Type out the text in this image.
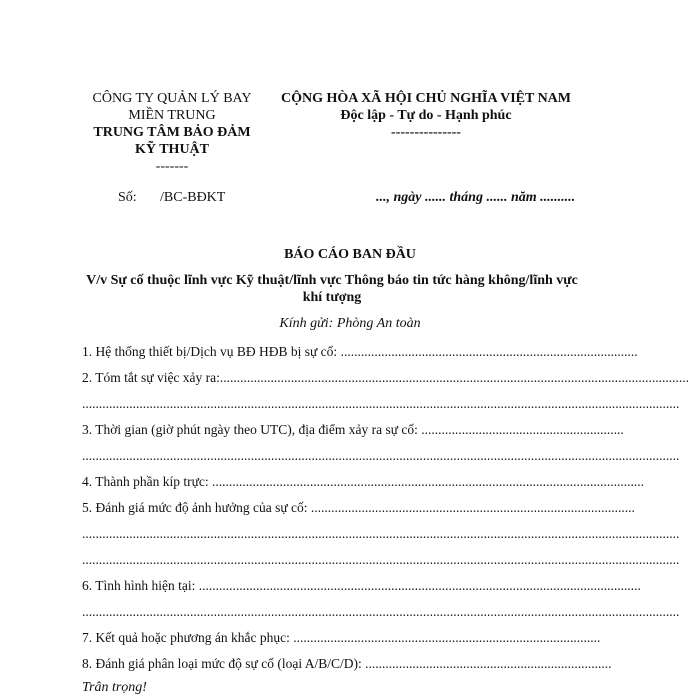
CÔNG TY QUẢN LÝ BAY
MIỀN TRUNG
TRUNG TÂM BẢO ĐẢM
KỸ THUẬT
-------
CỘNG HÒA XÃ HỘI CHỦ NGHĨA VIỆT NAM
Độc lập - Tự do - Hạnh phúc
---------------
Số: /BC-BĐKT	..., ngày ...... tháng ...... năm ..........
BÁO CÁO BAN ĐẦU
V/v Sự cố thuộc lĩnh vực Kỹ thuật/lĩnh vực Thông báo tin tức hàng không/lĩnh vực khí tượng
Kính gửi: Phòng An toàn
1. Hệ thống thiết bị/Dịch vụ BĐ HĐB bị sự cố: ........................................................................................
2. Tóm tắt sự việc xảy ra:...........................................................................................................................................
.................................................................................................................................................................................
3. Thời gian (giờ phút ngày theo UTC), địa điểm xảy ra sự cố: ............................................................
.................................................................................................................................................................................
4. Thành phần kíp trực: ................................................................................................................................
5. Đánh giá mức độ ảnh hưởng của sự cố: ................................................................................................
.................................................................................................................................................................................
.................................................................................................................................................................................
6. Tình hình hiện tại: ...................................................................................................................................
.................................................................................................................................................................................
7. Kết quả hoặc phương án khắc phục: ...........................................................................................
8. Đánh giá phân loại mức độ sự cố (loại A/B/C/D): .........................................................................
Trân trọng!
